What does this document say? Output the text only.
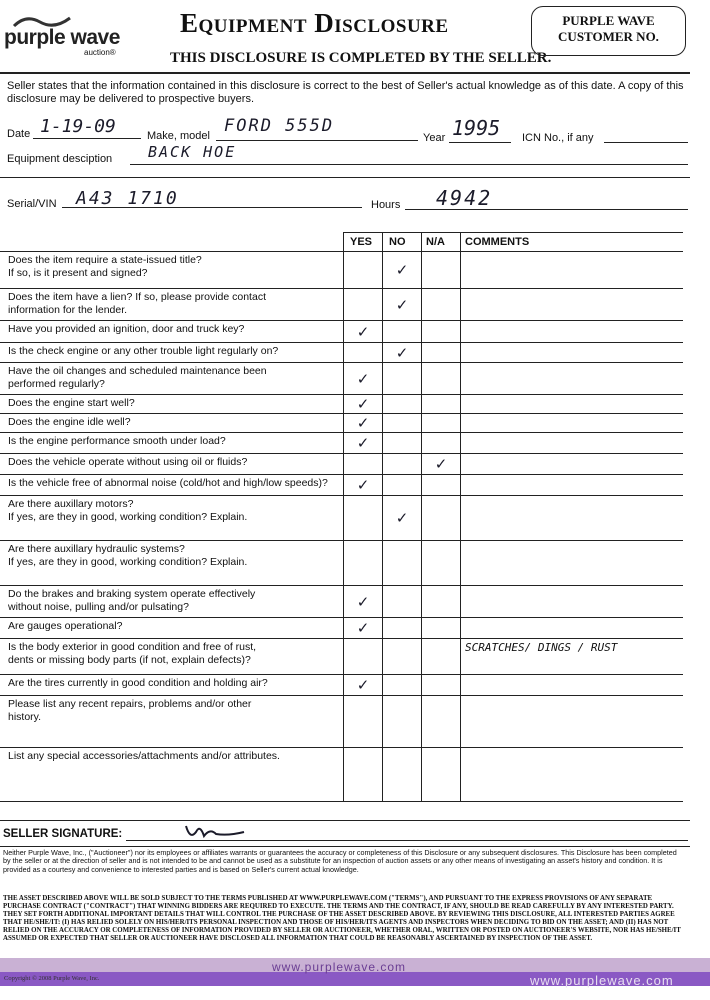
purple wave
auction®
Equipment Disclosure
THIS DISCLOSURE IS COMPLETED BY THE SELLER.
PURPLE WAVE
CUSTOMER NO.
Seller states that the information contained in this disclosure is correct to the best of Seller's actual knowledge as of this date. A copy of this disclosure may be delivered to prospective buyers.
Date 1-19-09	Make, model FORD 555D
Year 1995 ICN No., if any
Equipment desciption BACK HOE
Serial/VIN A43 1710	Hours 4942
	YES	NO	N/A	COMMENTS
Does the item require a state-issued title?
If so, is it present and signed?		✓		
Does the item have a lien? If so, please provide contact
information for the lender.		✓		
Have you provided an ignition, door and truck key?	✓			
Is the check engine or any other trouble light regularly on?		✓		
Have the oil changes and scheduled maintenance been
performed regularly?	✓			
Does the engine start well?	✓			
Does the engine idle well?	✓			
Is the engine performance smooth under load?	✓			
Does the vehicle operate without using oil or fluids?			✓	
Is the vehicle free of abnormal noise (cold/hot and high/low speeds)?	✓			
Are there auxillary motors?
If yes, are they in good, working condition? Explain.		✓		
Are there auxillary hydraulic systems?
If yes, are they in good, working condition? Explain.				
Do the brakes and braking system operate effectively
without noise, pulling and/or pulsating?	✓			
Are gauges operational?	✓			
Is the body exterior in good condition and free of rust,
dents or missing body parts (if not, explain defects)?				SCRATCHES/ DINGS / RUST
Are the tires currently in good condition and holding air?	✓			
Please list any recent repairs, problems and/or other
history.				
List any special accessories/attachments and/or attributes.				
SELLER SIGNATURE:
Neither Purple Wave, Inc., ("Auctioneer") nor its employees or affiliates warrants or guarantees the accuracy or completeness of this Disclosure or any subsequent disclosures. This Disclosure has been completed by the seller or at the direction of seller and is not intended to be and cannot be used as a substitute for an inspection of auction assets or any other means of investigating an asset's history and condition. It is provided as a courtesy and convenience to interested parties and is based on Seller's current actual knowledge.
THE ASSET DESCRIBED ABOVE WILL BE SOLD SUBJECT TO THE TERMS PUBLISHED AT WWW.PURPLEWAVE.COM ("TERMS"), AND PURSUANT TO THE EXPRESS PROVISIONS OF ANY SEPARATE PURCHASE CONTRACT ("CONTRACT") THAT WINNING BIDDERS ARE REQUIRED TO EXECUTE. THE TERMS AND THE CONTRACT, IF ANY, SHOULD BE READ CAREFULLY BY ANY INTERESTED PARTY. THEY SET FORTH ADDITIONAL IMPORTANT DETAILS THAT WILL CONTROL THE PURCHASE OF THE ASSET DESCRIBED ABOVE. BY REVIEWING THIS DISCLOSURE, ALL INTERESTED PARTIES AGREE THAT HE/SHE/IT: (I) HAS RELIED SOLELY ON HIS/HER/ITS PERSONAL INSPECTION AND THOSE OF HIS/HER/ITS AGENTS AND INSPECTORS WHEN DECIDING TO BID ON THE ASSET; AND (II) HAS NOT RELIED ON THE ACCURACY OR COMPLETENESS OF INFORMATION PROVIDED BY SELLER OR AUCTIONEER, WHETHER ORAL, WRITTEN OR POSTED ON AUCTIONEER'S WEBSITE, NOR HAS HE/SHE/IT ASSUMED OR EXPECTED THAT SELLER OR AUCTIONEER HAVE DISCLOSED ALL INFORMATION THAT COULD BE REASONABLY ASCERTAINED BY INSPECTION OF THE ASSET.
www.purplewave.com
www.purplewave.com
Copyright © 2008 Purple Wave, Inc.
